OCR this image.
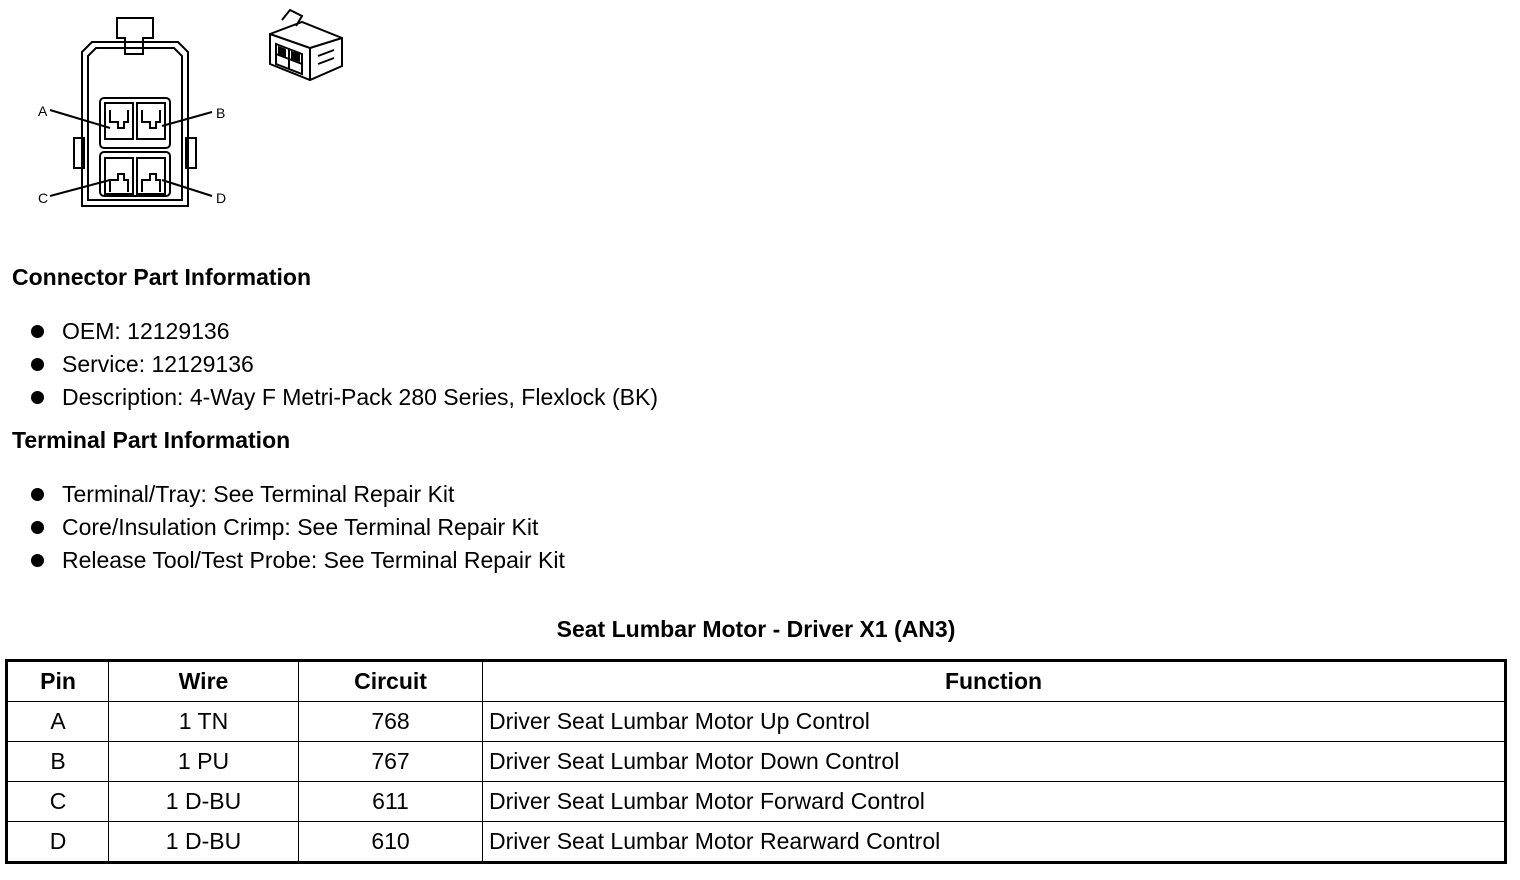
A	B
C	D
Connector Part Information
OEM: 12129136
Service: 12129136
Description: 4-Way F Metri-Pack 280 Series, Flexlock (BK)
Terminal Part Information
Terminal/Tray: See Terminal Repair Kit
Core/Insulation Crimp: See Terminal Repair Kit
Release Tool/Test Probe: See Terminal Repair Kit
Seat Lumbar Motor - Driver X1 (AN3)
Pin	Wire	Circuit	Function
A	1 TN	768	Driver Seat Lumbar Motor Up Control
B	1 PU	767	Driver Seat Lumbar Motor Down Control
C	1 D-BU	611	Driver Seat Lumbar Motor Forward Control
D	1 D-BU	610	Driver Seat Lumbar Motor Rearward Control
